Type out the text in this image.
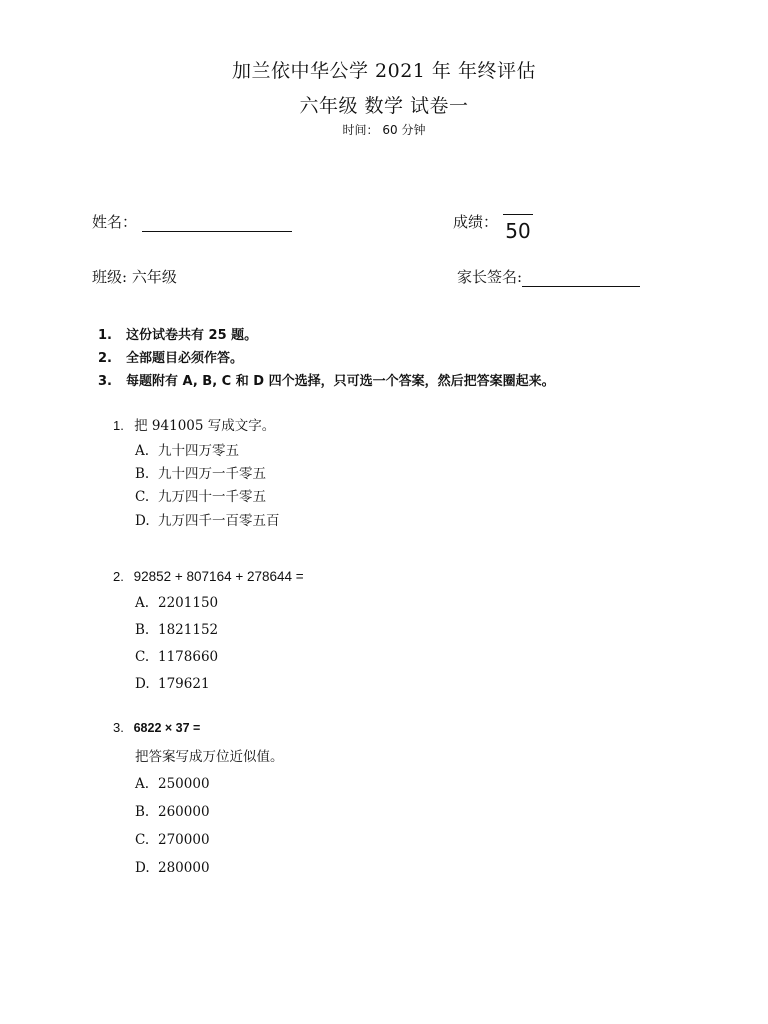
加兰依中华公学 2021 年 年终评估
六年级 数学 试卷一
时间： 60 分钟
姓名：	成绩： 50
班级: 六年级	家长签名:
1. 这份试卷共有 25 题。
2. 全部题目必须作答。
3. 每题附有 A, B, C 和 D 四个选择，只可选一个答案，然后把答案圈起来。
1. 把 941005 写成文字。
A. 九十四万零五
B. 九十四万一千零五
C. 九万四十一千零五
D. 九万四千一百零五百
2. 92852 + 807164 + 278644 =
A. 2201150
B. 1821152
C. 1178660
D. 179621
3. 6822 × 37 =
把答案写成万位近似值。
A. 250000
B. 260000
C. 270000
D. 280000
